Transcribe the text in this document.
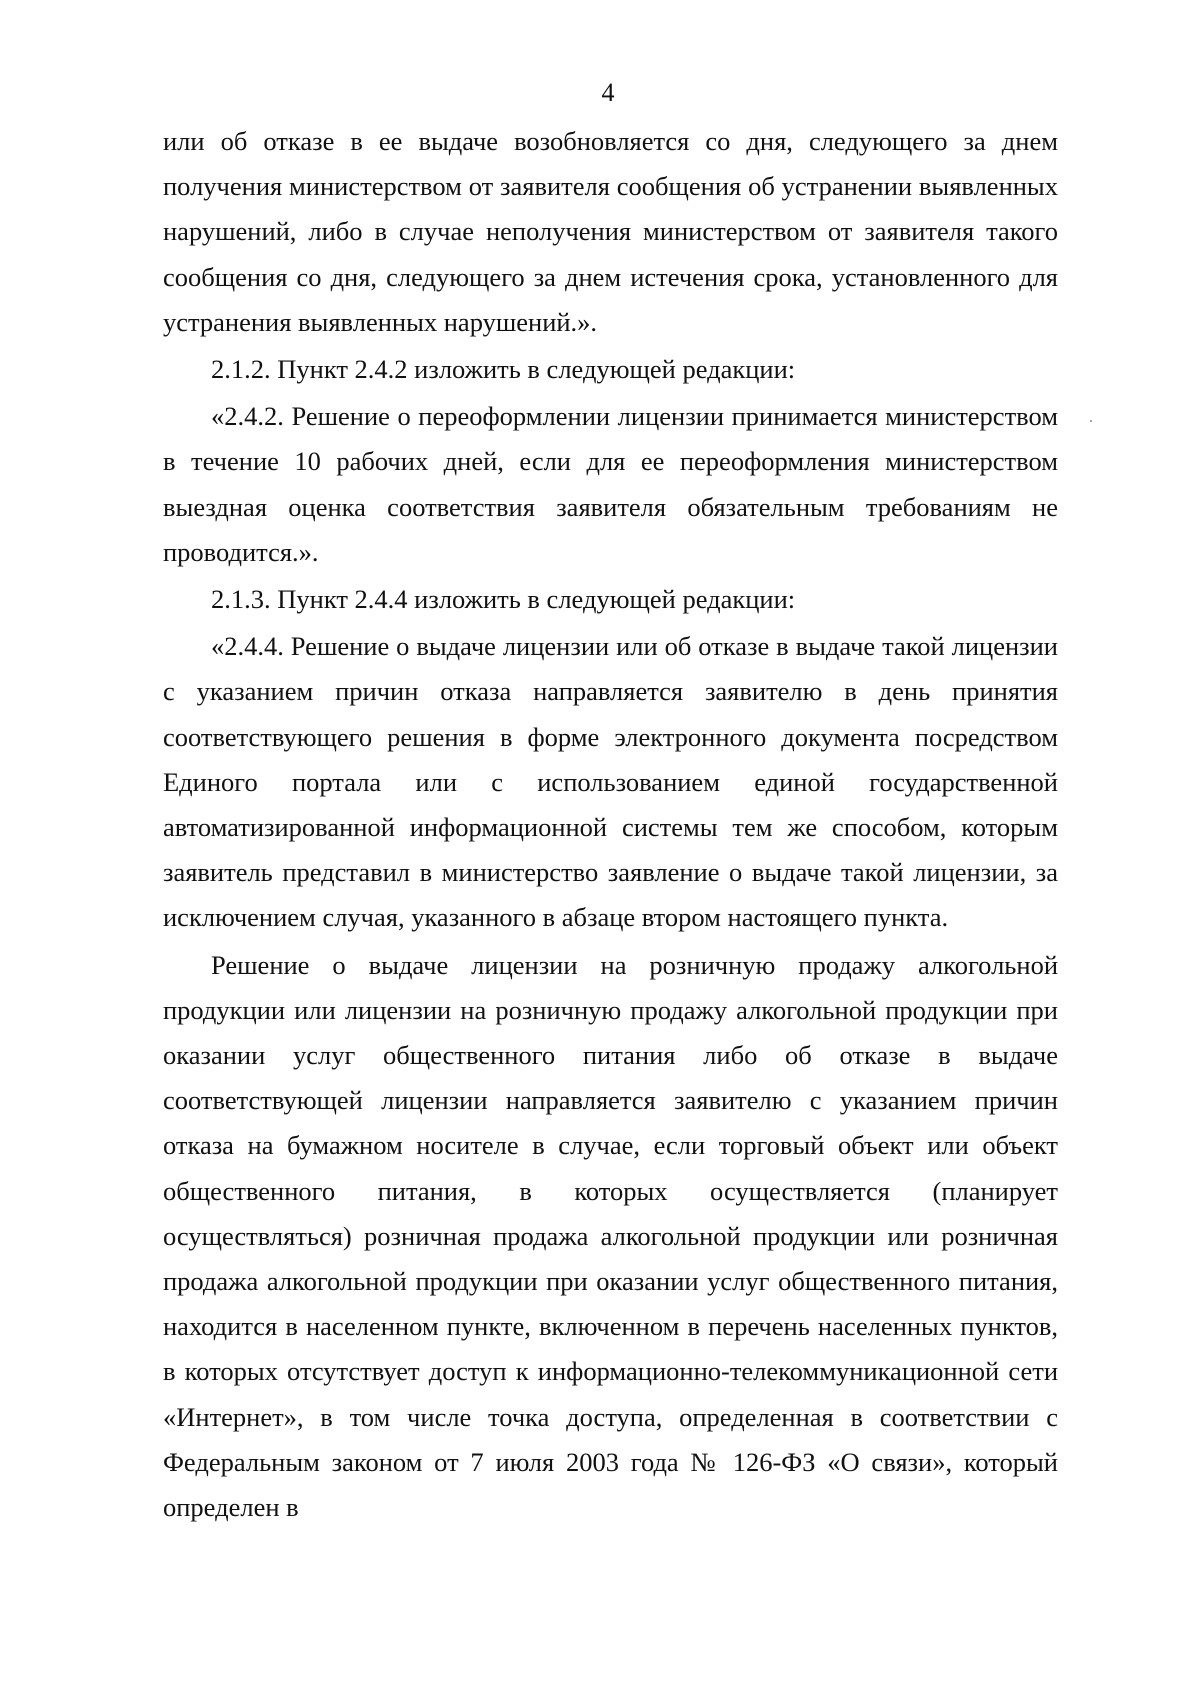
4

или об отказе в ее выдаче возобновляется со дня, следующего за днем получения министерством от заявителя сообщения об устранении выявленных нарушений, либо в случае неполучения министерством от заявителя такого сообщения со дня, следующего за днем истечения срока, установленного для устранения выявленных нарушений.».

2.1.2. Пункт 2.4.2 изложить в следующей редакции:

«2.4.2. Решение о переоформлении лицензии принимается министерством в течение 10 рабочих дней, если для ее переоформления министерством выездная оценка соответствия заявителя обязательным требованиям не проводится.».

2.1.3. Пункт 2.4.4 изложить в следующей редакции:

«2.4.4. Решение о выдаче лицензии или об отказе в выдаче такой лицензии с указанием причин отказа направляется заявителю в день принятия соответствующего решения в форме электронного документа посредством Единого портала или с использованием единой государственной автоматизированной информационной системы тем же способом, которым заявитель представил в министерство заявление о выдаче такой лицензии, за исключением случая, указанного в абзаце втором настоящего пункта.

Решение о выдаче лицензии на розничную продажу алкогольной продукции или лицензии на розничную продажу алкогольной продукции при оказании услуг общественного питания либо об отказе в выдаче соответствующей лицензии направляется заявителю с указанием причин отказа на бумажном носителе в случае, если торговый объект или объект общественного питания, в которых осуществляется (планирует осуществляться) розничная продажа алкогольной продукции или розничная продажа алкогольной продукции при оказании услуг общественного питания, находится в населенном пункте, включенном в перечень населенных пунктов, в которых отсутствует доступ к информационно-телекоммуникационной сети «Интернет», в том числе точка доступа, определенная в соответствии с Федеральным законом от 7 июля 2003 года № 126-ФЗ «О связи», который определен в
